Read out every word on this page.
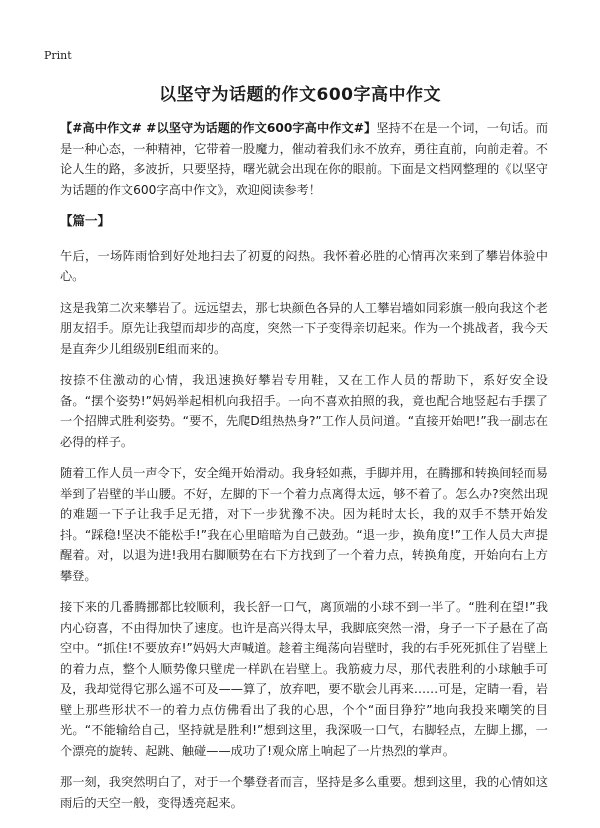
Print
以坚守为话题的作文600字高中作文

【#高中作文# #以坚守为话题的作文600字高中作文#】坚持不在是一个词，一句话。而是一种心态，一种精神，它带着一股魔力，催动着我们永不放弃，勇往直前，向前走着。不论人生的路，多波折，只要坚持，曙光就会出现在你的眼前。下面是文档网整理的《以坚守为话题的作文600字高中作文》，欢迎阅读参考！

【篇一】

午后，一场阵雨恰到好处地扫去了初夏的闷热。我怀着必胜的心情再次来到了攀岩体验中心。

这是我第二次来攀岩了。远远望去，那七块颜色各异的人工攀岩墙如同彩旗一般向我这个老朋友招手。原先让我望而却步的高度，突然一下子变得亲切起来。作为一个挑战者，我今天是直奔少儿组级别E组而来的。

按捺不住激动的心情，我迅速换好攀岩专用鞋，又在工作人员的帮助下，系好安全设备。“摆个姿势!”妈妈举起相机向我招手。一向不喜欢拍照的我，竟也配合地竖起右手摆了一个招牌式胜利姿势。“要不，先爬D组热热身?”工作人员问道。“直接开始吧!”我一副志在必得的样子。

随着工作人员一声令下，安全绳开始滑动。我身轻如燕，手脚并用，在腾挪和转换间轻而易举到了岩壁的半山腰。不好，左脚的下一个着力点离得太远，够不着了。怎么办?突然出现的难题一下子让我手足无措，对下一步犹豫不决。因为耗时太长，我的双手不禁开始发抖。“踩稳!坚决不能松手!”我在心里暗暗为自己鼓劲。“退一步，换角度!”工作人员大声提醒着。对，以退为进!我用右脚顺势在右下方找到了一个着力点，转换角度，开始向右上方攀登。

接下来的几番腾挪都比较顺利，我长舒一口气，离顶端的小球不到一半了。“胜利在望!”我内心窃喜，不由得加快了速度。也许是高兴得太早，我脚底突然一滑，身子一下子悬在了高空中。“抓住!不要放弃!”妈妈大声喊道。趁着主绳荡向岩壁时，我的右手死死抓住了岩壁上的着力点，整个人顺势像只壁虎一样趴在岩壁上。我筋疲力尽，那代表胜利的小球触手可及，我却觉得它那么遥不可及——算了，放弃吧，要不歇会儿再来……可是，定睛一看，岩壁上那些形状不一的着力点仿佛看出了我的心思，个个“面目狰狞”地向我投来嘲笑的目光。“不能输给自己，坚持就是胜利!”想到这里，我深吸一口气，右脚轻点，左脚上挪，一个漂亮的旋转、起跳、触碰——成功了!观众席上响起了一片热烈的掌声。

那一刻，我突然明白了，对于一个攀登者而言，坚持是多么重要。想到这里，我的心情如这雨后的天空一般，变得透亮起来。
